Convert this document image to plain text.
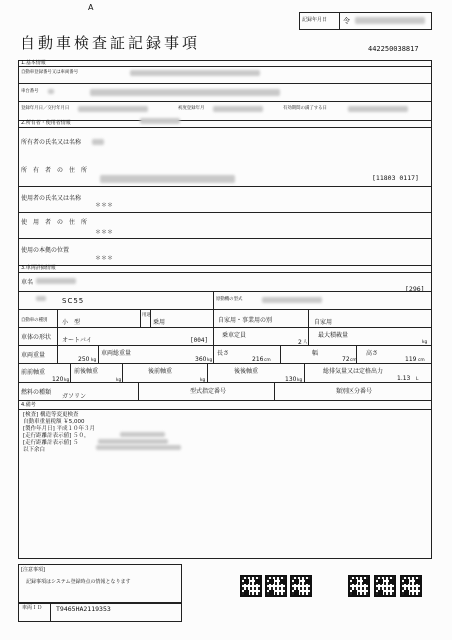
A
自動車検査証記録事項
記録年月日 令
442250038817
1.基本情報
自動車登録番号又は車両番号
車台番号
登録年月日／交付年月日	初度登録年月	有効期間の満了する日
2.所有者・使用者情報
所有者の氏名又は名称
所　有　者　の　住　所
[11803 0117]
使用者の氏名又は名称
＊＊＊
使　用　者　の　住　所
＊＊＊
使用の本拠の位置
＊＊＊
3.車両詳細情報
車名
[296]
SC55	原動機の型式
自動車の種別 小　型
用途
乗用	自家用・事業用の別	自家用
車体の形状 オートバイ	[004]
乗車定員
2 人
最大積載量
kg
車両重量
250 kg
車両総重量
360 kg
長さ
216 cm
幅
72 cm
高さ
119 cm
前前軸重
120 kg
前後軸重
kg
後前軸重
kg
後後軸重
130 kg
総排気量又は定格出力
1.13 L
燃料の種類
ガソリン
型式指定番号	類別区分番号
4.備考
[検査] 構造等変更検査
自動車重量税額 ￥5,000
[製作年月日] 平成１０年３月
[走行距離計表示値] ５０，
[走行距離計表示値] ５
以下余白
[注意事項]
記録事項はシステム登録時点の情報となります
車両ＩＤ T9465HA2119353
